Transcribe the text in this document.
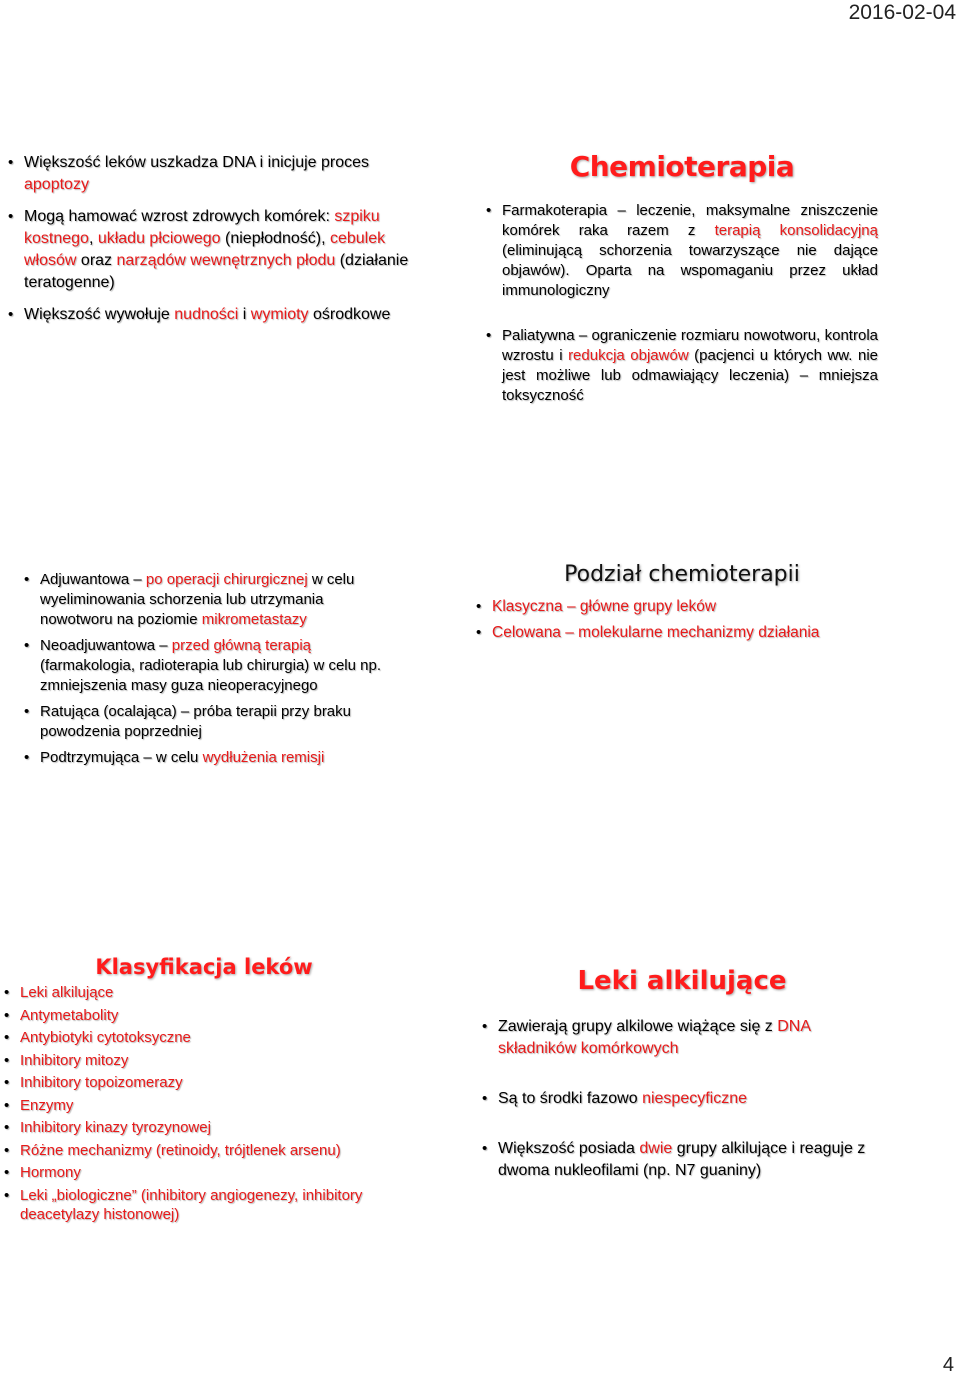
2016-02-04
• Większość leków uszkadza DNA i inicjuje proces apoptozy
• Mogą hamować wzrost zdrowych komórek: szpiku kostnego, układu płciowego (niepłodność), cebulek włosów oraz narządów wewnętrznych płodu (działanie teratogenne)
• Większość wywołuje nudności i wymioty ośrodkowe
Chemioterapia
• Farmakoterapia – leczenie, maksymalne zniszczenie komórek raka razem z terapią konsolidacyjną (eliminującą schorzenia towarzyszące nie dające objawów). Oparta na wspomaganiu przez układ immunologiczny
• Paliatywna – ograniczenie rozmiaru nowotworu, kontrola wzrostu i redukcja objawów (pacjenci u których ww. nie jest możliwe lub odmawiający leczenia) – mniejsza toksyczność
• Adjuwantowa – po operacji chirurgicznej w celu wyeliminowania schorzenia lub utrzymania nowotworu na poziomie mikrometastazy
• Neoadjuwantowa – przed główną terapią (farmakologia, radioterapia lub chirurgia) w celu np. zmniejszenia masy guza nieoperacyjnego
• Ratująca (ocalająca) – próba terapii przy braku powodzenia poprzedniej
• Podtrzymująca – w celu wydłużenia remisji
Podział chemioterapii
• Klasyczna – główne grupy leków
• Celowana – molekularne mechanizmy działania
Klasyfikacja leków
• Leki alkilujące
• Antymetabolity
• Antybiotyki cytotoksyczne
• Inhibitory mitozy
• Inhibitory topoizomerazy
• Enzymy
• Inhibitory kinazy tyrozynowej
• Różne mechanizmy (retinoidy, trójtlenek arsenu)
• Hormony
• Leki „biologiczne” (inhibitory angiogenezy, inhibitory deacetylazy histonowej)
Leki alkilujące
• Zawierają grupy alkilowe wiążące się z DNA składników komórkowych
• Są to środki fazowo niespecyficzne
• Większość posiada dwie grupy alkilujące i reaguje z dwoma nukleofilami (np. N7 guaniny)
4
